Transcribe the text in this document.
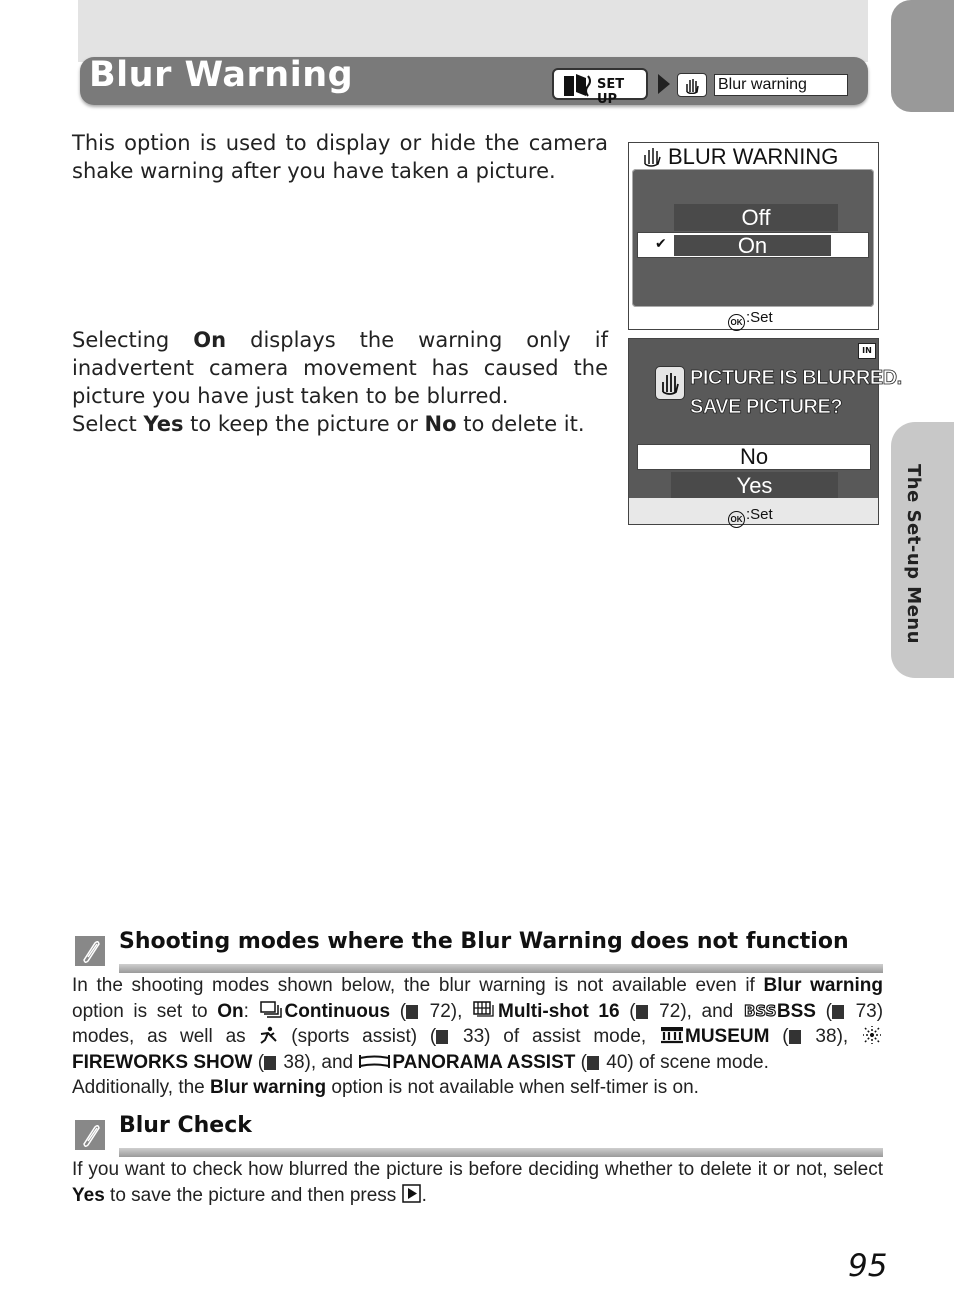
Blur Warning	SET UP
Blur warning
The Set-up Menu
This option is used to display or hide the camera shake warning after you have taken a picture.
Selecting On displays the warning only if inadvertent camera movement has caused the picture you have just taken to be blurred.
Select Yes to keep the picture or No to delete it.
BLUR WARNING
Off
✔	On
OK :Set
IN
PICTURE IS BLURRED.
SAVE PICTURE?
No
Yes
OK :Set
Shooting modes where the Blur Warning does not function
In the shooting modes shown below, the blur warning is not available even if Blur warning option is set to On: Continuous ( 72), Multi-shot 16 ( 72), and BSS BSS ( 73) modes, as well as  (sports assist) ( 33) of assist mode, MUSEUM ( 38), FIREWORKS SHOW ( 38), and PANORAMA ASSIST ( 40) of scene mode.
Additionally, the Blur warning option is not available when self-timer is on.
Blur Check
If you want to check how blurred the picture is before deciding whether to delete it or not, select Yes to save the picture and then press .
95
